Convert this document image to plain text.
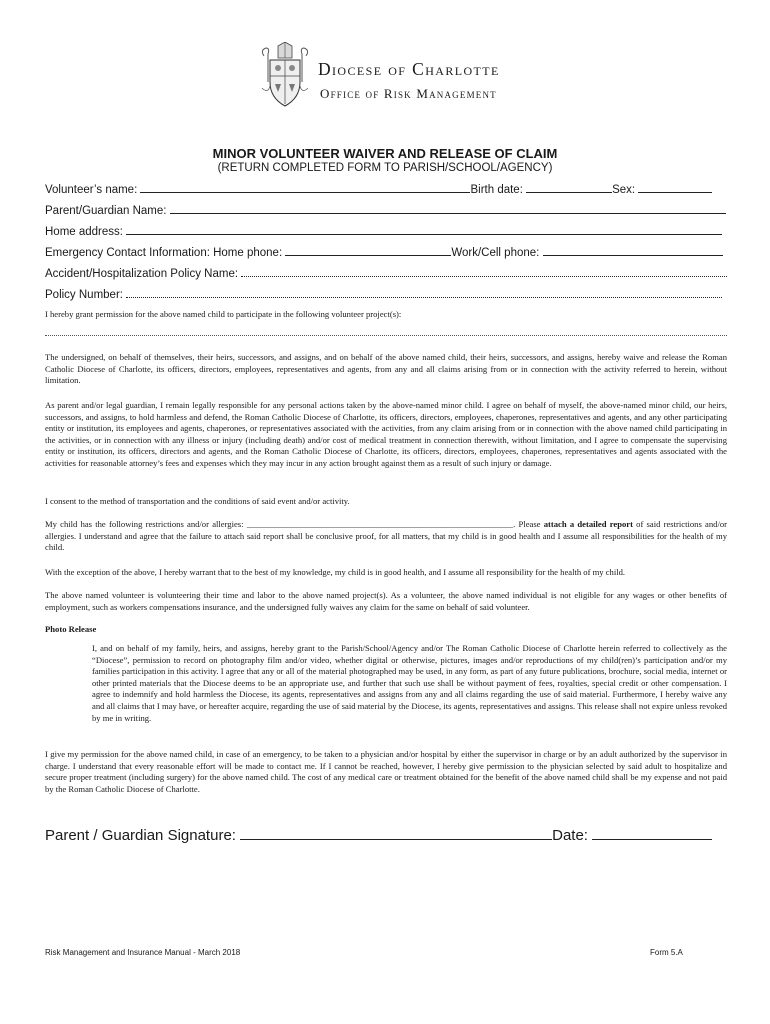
Diocese of Charlotte
Office of Risk Management
MINOR VOLUNTEER WAIVER AND RELEASE OF CLAIM
(RETURN COMPLETED FORM TO PARISH/SCHOOL/AGENCY)
Volunteer’s name:	Birth date:	Sex:
Parent/Guardian Name:
Home address:
Emergency Contact Information: Home phone:	Work/Cell phone:
Accident/Hospitalization Policy Name:
Policy Number:
I hereby grant permission for the above named child to participate in the following volunteer project(s):
The undersigned, on behalf of themselves, their heirs, successors, and assigns, and on behalf of the above named child, their heirs, successors, and assigns, hereby waive and release the Roman Catholic Diocese of Charlotte, its officers, directors, employees, representatives and agents, from any and all claims arising from or in connection with the activity referred to herein, without limitation.
As parent and/or legal guardian, I remain legally responsible for any personal actions taken by the above-named minor child. I agree on behalf of myself, the above-named minor child, our heirs, successors, and assigns, to hold harmless and defend, the Roman Catholic Diocese of Charlotte, its officers, directors, employees, chaperones, representatives and agents, and any other participating entity or institution, its employees and agents, chaperones, or representatives associated with the activities, from any claim arising from or in connection with the above named child participating in the activities, or in connection with any illness or injury (including death) and/or cost of medical treatment in connection therewith, without limitation, and I agree to compensate the supervising entity or institution, its officers, directors and agents, and the Roman Catholic Diocese of Charlotte, its officers, directors, employees, chaperones, representatives and agents associated with the activities for reasonable attorney’s fees and expenses which they may incur in any action brought against them as a result of such injury or damage.
I consent to the method of transportation and the conditions of said event and/or activity.
My child has the following restrictions and/or allergies: ______________________________________________________________. Please attach a detailed report of said restrictions and/or allergies. I understand and agree that the failure to attach said report shall be conclusive proof, for all matters, that my child is in good health and I assume all responsibilities for the health of my child.
With the exception of the above, I hereby warrant that to the best of my knowledge, my child is in good health, and I assume all responsibility for the health of my child.
The above named volunteer is volunteering their time and labor to the above named project(s). As a volunteer, the above named individual is not eligible for any wages or other benefits of employment, such as workers compensations insurance, and the undersigned fully waives any claim for the same on behalf of said volunteer.
Photo Release
I, and on behalf of my family, heirs, and assigns, hereby grant to the Parish/School/Agency and/or The Roman Catholic Diocese of Charlotte herein referred to collectively as the “Diocese”, permission to record on photography film and/or video, whether digital or otherwise, pictures, images and/or reproductions of my child(ren)’s participation and/or my families participation in this activity. I agree that any or all of the material photographed may be used, in any form, as part of any future publications, brochure, social media, internet or other printed materials that the Diocese deems to be an appropriate use, and further that such use shall be without payment of fees, royalties, special credit or other compensation. I agree to indemnify and hold harmless the Diocese, its agents, representatives and assigns from any and all claims regarding the use of said material. Furthermore, I hereby waive any and all claims that I may have, or hereafter acquire, regarding the use of said material by the Diocese, its agents, representatives and assigns. This release shall not expire unless revoked by me in writing.
I give my permission for the above named child, in case of an emergency, to be taken to a physician and/or hospital by either the supervisor in charge or by an adult authorized by the supervisor in charge. I understand that every reasonable effort will be made to contact me. If I cannot be reached, however, I hereby give permission to the physician selected by said adult to hospitalize and secure proper treatment (including surgery) for the above named child. The cost of any medical care or treatment obtained for the benefit of the above named child shall be my expense and not paid by the Roman Catholic Diocese of Charlotte.
Parent / Guardian Signature:	Date:
Risk Management and Insurance Manual - March 2018	Form 5.A
